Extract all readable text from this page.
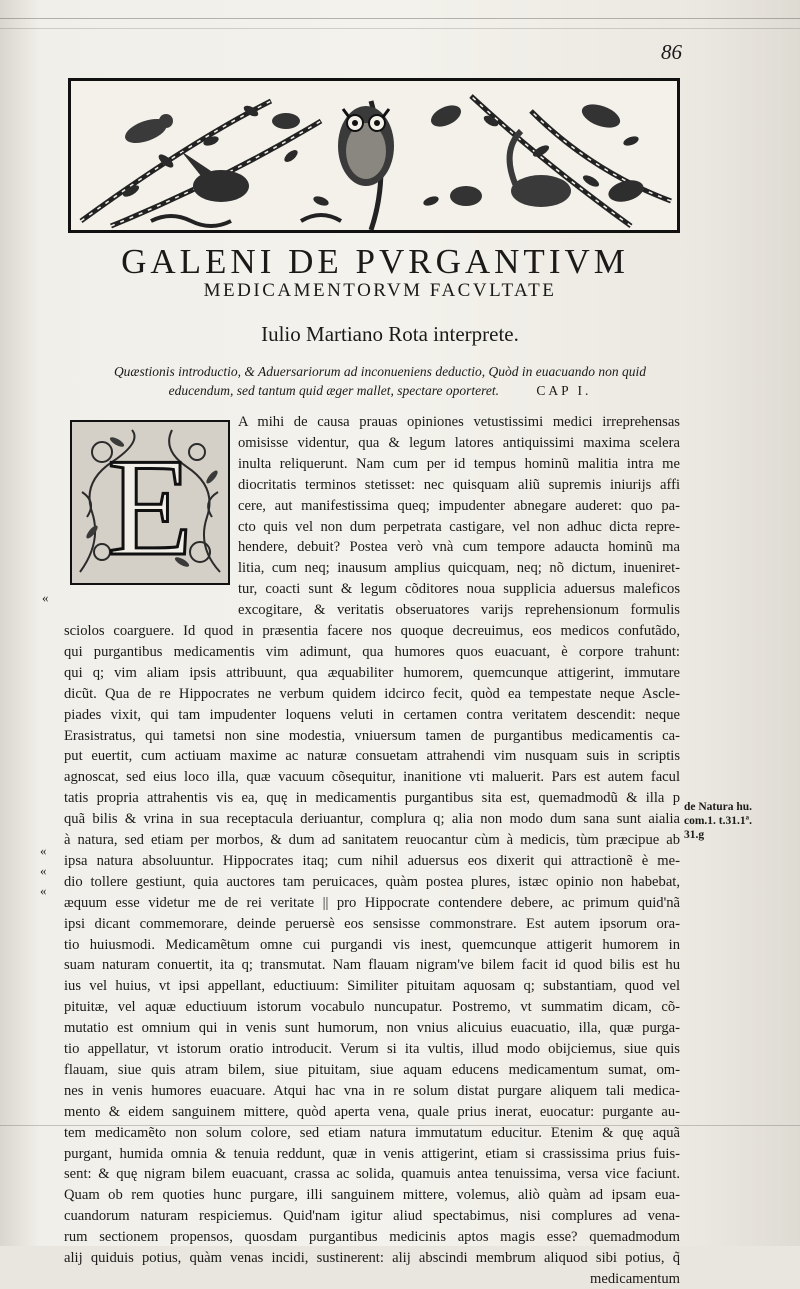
86
GALENI DE PVRGANTIVM
MEDICAMENTORVM FACVLTATE
Iulio Martiano Rota interprete.
Quæstionis introductio, & Aduersariorum ad inconueniens deductio, Quòd in euacuando non quid
educendum, sed tantum quid æger mallet, spectare oporteret.	CAP I.
E
A mihi de causa prauas opiniones vetustissimi medici irreprehensas
omisisse videntur, qua & legum latores antiquissimi maxima scelera
inulta reliquerunt. Nam cum per id tempus hominũ malitia intra me
diocritatis terminos stetisset: nec quisquam aliũ supremis iniurijs affi
cere, aut manifestissima queq; impudenter abnegare auderet: quo pa-
cto quis vel non dum perpetrata castigare, vel non adhuc dicta repre-
hendere, debuit? Postea verò vnà cum tempore adaucta hominũ ma
litia, cum neq; inausum amplius quicquam, neq; nõ dictum, inueniret-
tur, coacti sunt & legum cõditores noua supplicia aduersus maleficos
excogitare, & veritatis obseruatores varijs reprehensionum formulis
sciolos coarguere. Id quod in præsentia facere nos quoque decreuimus, eos medicos confutãdo,
qui purgantibus medicamentis vim adimunt, qua humores quos euacuant, è corpore trahunt:
qui q; vim aliam ipsis attribuunt, qua æquabiliter humorem, quemcunque attigerint, immutare
dicũt. Qua de re Hippocrates ne verbum quidem idcirco fecit, quòd ea tempestate neque Ascle-
piades vixit, qui tam impudenter loquens veluti in certamen contra veritatem descendit: neque
Erasistratus, qui tametsi non sine modestia, vniuersum tamen de purgantibus medicamentis ca-
put euertit, cum actiuam maxime ac naturæ consuetam attrahendi vim nusquam suis in scriptis
agnoscat, sed eius loco illa, quæ vacuum cõsequitur, inanitione vti maluerit. Pars est autem facul
tatis propria attrahentis vis ea, quę in medicamentis purgantibus sita est, quemadmodũ & illa p
quã bilis & vrina in sua receptacula deriuantur, complura q; alia non modo dum sana sunt aialia
à natura, sed etiam per morbos, & dum ad sanitatem reuocantur cùm à medicis, tùm præcipue ab
ipsa natura absoluuntur. Hippocrates itaq; cum nihil aduersus eos dixerit qui attractionẽ è me-
dio tollere gestiunt, quia auctores tam peruicaces, quàm postea plures, istæc opinio non habebat,
æquum esse videtur me de rei veritate || pro Hippocrate contendere debere, ac primum quid'nã
ipsi dicant commemorare, deinde peruersè eos sensisse commonstrare. Est autem ipsorum ora-
tio huiusmodi. Medicamẽtum omne cui purgandi vis inest, quemcunque attigerit humorem in
suam naturam conuertit, ita q; transmutat. Nam flauam nigram've bilem facit id quod bilis est hu
ius vel huius, vt ipsi appellant, eductiuum: Similiter pituitam aquosam q; substantiam, quod vel
pituitæ, vel aquæ eductiuum istorum vocabulo nuncupatur. Postremo, vt summatim dicam, cõ-
mutatio est omnium qui in venis sunt humorum, non vnius alicuius euacuatio, illa, quæ purga-
tio appellatur, vt istorum oratio introducit. Verum si ita vultis, illud modo obijciemus, siue quis
flauam, siue quis atram bilem, siue pituitam, siue aquam educens medicamentum sumat, om-
nes in venis humores euacuare. Atqui hac vna in re solum distat purgare aliquem tali medica-
mento & eidem sanguinem mittere, quòd aperta vena, quale prius inerat, euocatur: purgante au-
tem medicamẽto non solum colore, sed etiam natura immutatum educitur. Etenim & quę aquã
purgant, humida omnia & tenuia reddunt, quæ in venis attigerint, etiam si crassissima prius fuis-
sent: & quę nigram bilem euacuant, crassa ac solida, quamuis antea tenuissima, versa vice faciunt.
Quam ob rem quoties hunc purgare, illi sanguinem mittere, volemus, aliò quàm ad ipsam eua-
cuandorum naturam respiciemus. Quid'nam igitur aliud spectabimus, nisi complures ad vena-
rum sectionem propensos, quosdam purgantibus medicinis aptos magis esse? quemadmodum
alij quiduis potius, quàm venas incidi, sustinerent: alij abscindi membrum aliquod sibi potius, q̃
medicamentum
«
«
«
«
de Natura hu.
com.1. t.31.1ª.
31.g
